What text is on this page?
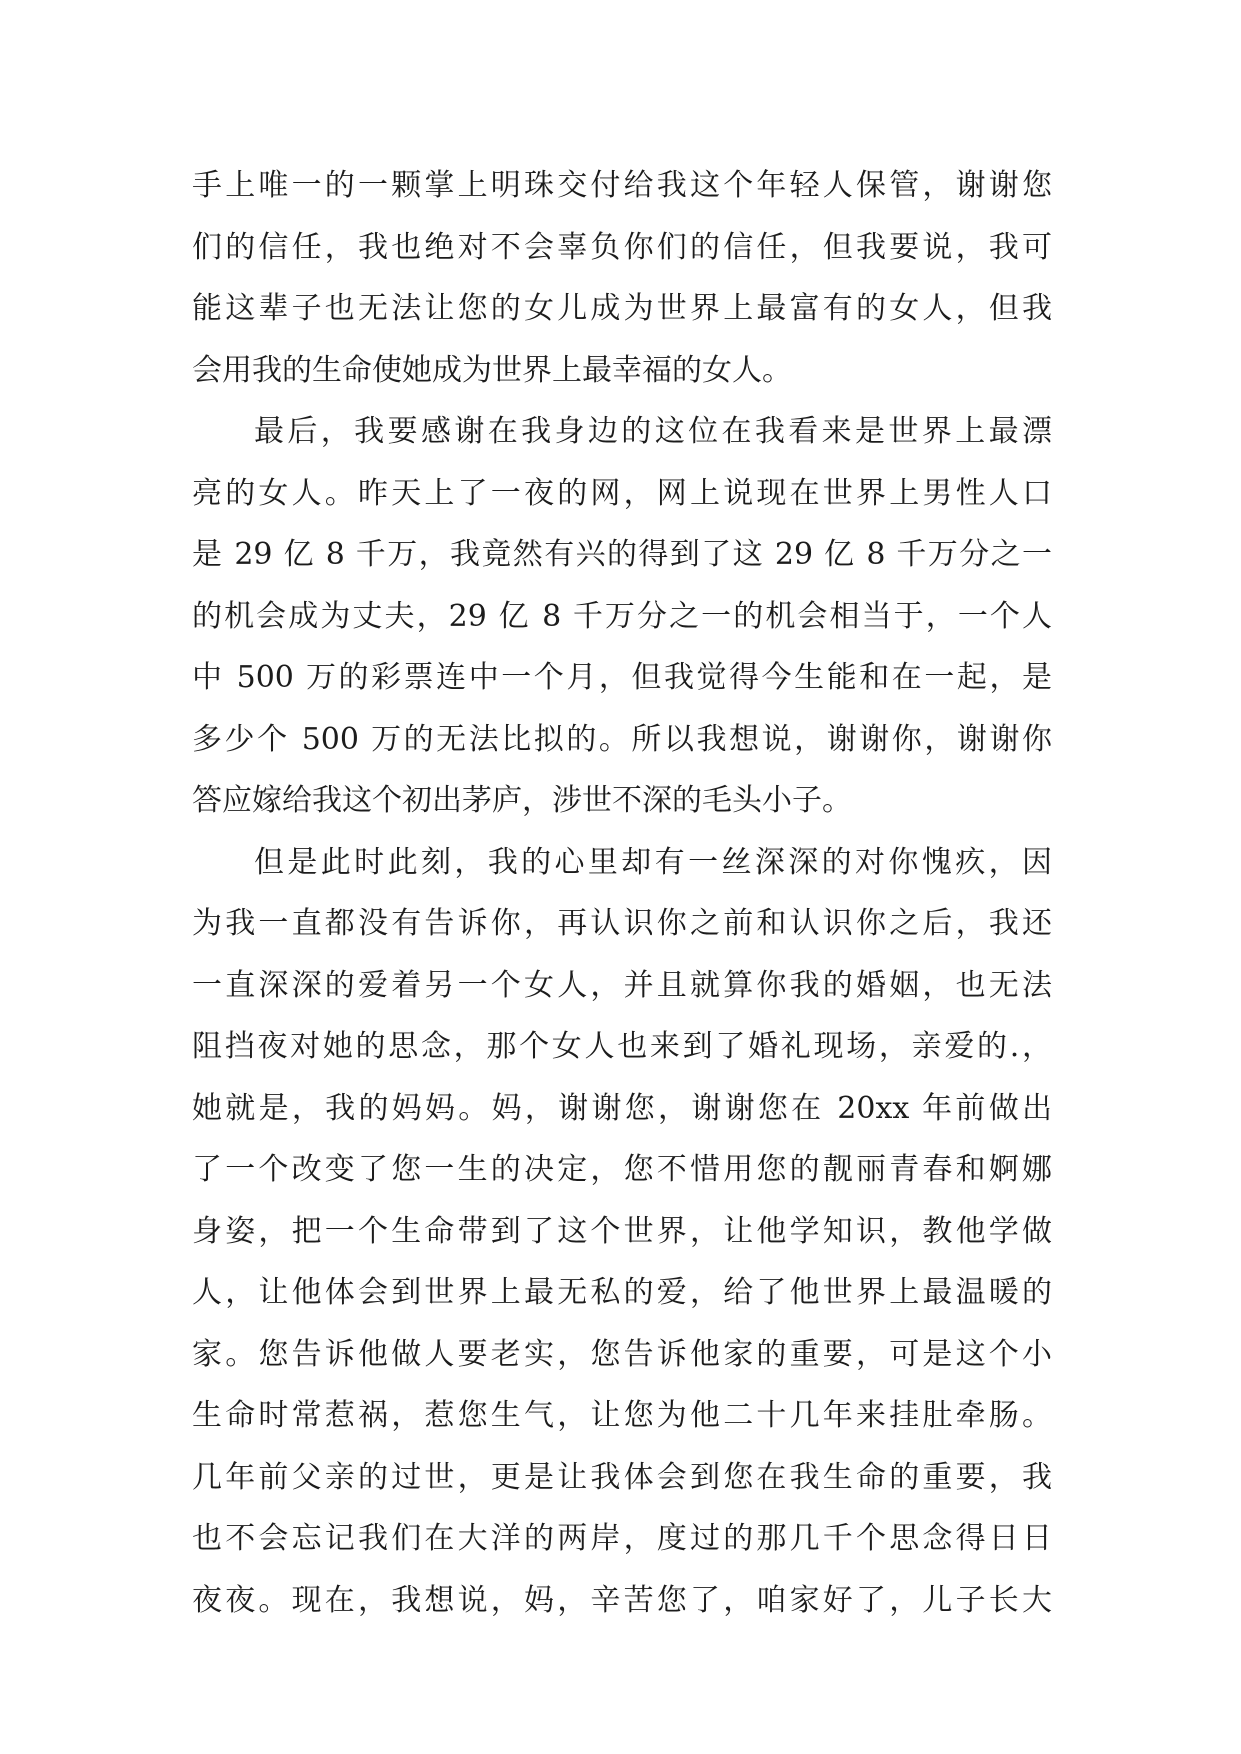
手上唯一的一颗掌上明珠交付给我这个年轻人保管，谢谢您
们的信任，我也绝对不会辜负你们的信任，但我要说，我可
能这辈子也无法让您的女儿成为世界上最富有的女人，但我
会用我的生命使她成为世界上最幸福的女人。
最后，我要感谢在我身边的这位在我看来是世界上最漂
亮的女人。昨天上了一夜的网，网上说现在世界上男性人口
是 29 亿 8 千万，我竟然有兴的得到了这 29 亿 8 千万分之一
的机会成为丈夫，29 亿 8 千万分之一的机会相当于，一个人
中 500 万的彩票连中一个月，但我觉得今生能和在一起，是
多少个 500 万的无法比拟的。所以我想说，谢谢你，谢谢你
答应嫁给我这个初出茅庐，涉世不深的毛头小子。
但是此时此刻，我的心里却有一丝深深的对你愧疚，因
为我一直都没有告诉你，再认识你之前和认识你之后，我还
一直深深的爱着另一个女人，并且就算你我的婚姻，也无法
阻挡夜对她的思念，那个女人也来到了婚礼现场，亲爱的.，
她就是，我的妈妈。妈，谢谢您，谢谢您在 20xx 年前做出
了一个改变了您一生的决定，您不惜用您的靓丽青春和婀娜
身姿，把一个生命带到了这个世界，让他学知识，教他学做
人，让他体会到世界上最无私的爱，给了他世界上最温暖的
家。您告诉他做人要老实，您告诉他家的重要，可是这个小
生命时常惹祸，惹您生气，让您为他二十几年来挂肚牵肠。
几年前父亲的过世，更是让我体会到您在我生命的重要，我
也不会忘记我们在大洋的两岸，度过的那几千个思念得日日
夜夜。现在，我想说，妈，辛苦您了，咱家好了，儿子长大
